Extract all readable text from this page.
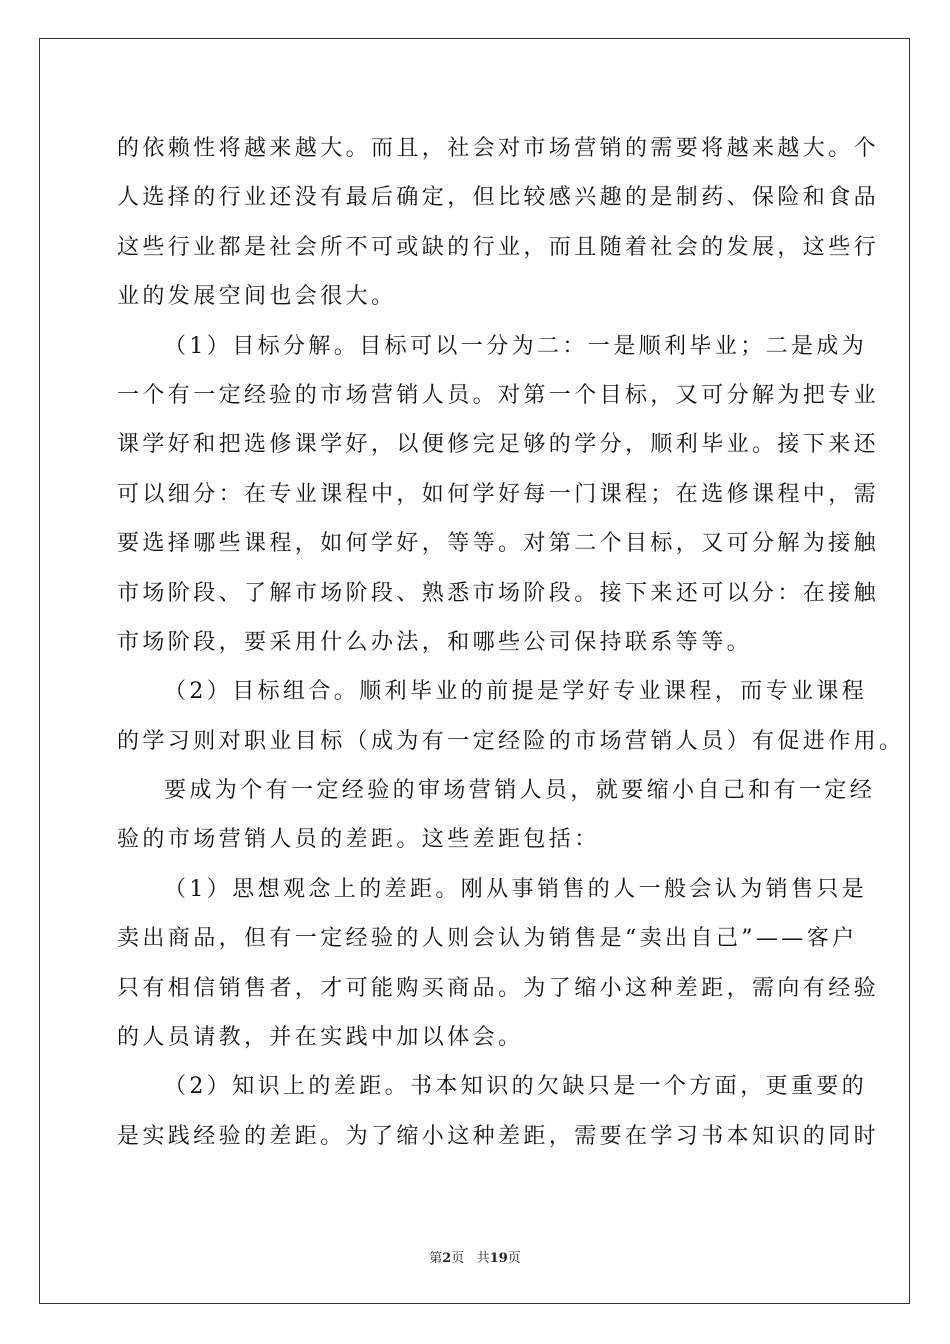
的依赖性将越来越大。而且，社会对市场营销的需要将越来越大。个
人选择的行业还没有最后确定，但比较感兴趣的是制药、保险和食品
这些行业都是社会所不可或缺的行业，而且随着社会的发展，这些行
业的发展空间也会很大。
（1）目标分解。目标可以一分为二：一是顺利毕业；二是成为
一个有一定经验的市场营销人员。对第一个目标，又可分解为把专业
课学好和把选修课学好，以便修完足够的学分，顺利毕业。接下来还
可以细分：在专业课程中，如何学好每一门课程；在选修课程中，需
要选择哪些课程，如何学好，等等。对第二个目标，又可分解为接触
市场阶段、了解市场阶段、熟悉市场阶段。接下来还可以分：在接触
市场阶段，要采用什么办法，和哪些公司保持联系等等。
（2）目标组合。顺利毕业的前提是学好专业课程，而专业课程
的学习则对职业目标（成为有一定经险的市场营销人员）有促进作用。
要成为个有一定经验的审场营销人员，就要缩小自己和有一定经
验的市场营销人员的差距。这些差距包括：
（1）思想观念上的差距。刚从事销售的人一般会认为销售只是
卖出商品，但有一定经验的人则会认为销售是“卖出自己”——客户
只有相信销售者，才可能购买商品。为了缩小这种差距，需向有经验
的人员请教，并在实践中加以体会。
（2）知识上的差距。书本知识的欠缺只是一个方面，更重要的
是实践经验的差距。为了缩小这种差距，需要在学习书本知识的同时
第2页 共19页
